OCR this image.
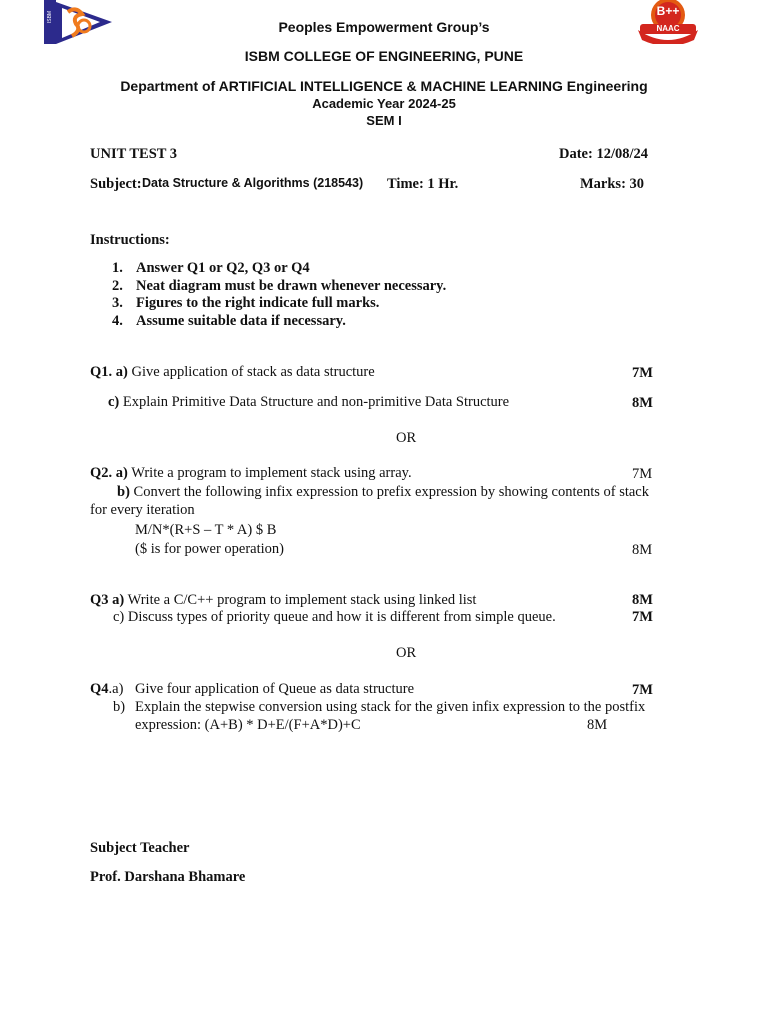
ISBM	B++
NAAC
Peoples Empowerment Group’s
ISBM COLLEGE OF ENGINEERING, PUNE
Department of ARTIFICIAL INTELLIGENCE & MACHINE LEARNING Engineering
Academic Year 2024-25
SEM I
UNIT TEST 3	Date: 12/08/24
Subject: Data Structure & Algorithms (218543) Time: 1 Hr.	Marks: 30
Instructions:
1. Answer Q1 or Q2, Q3 or Q4
2. Neat diagram must be drawn whenever necessary.
3. Figures to the right indicate full marks.
4. Assume suitable data if necessary.
Q1. a) Give application of stack as data structure	7M
c) Explain Primitive Data Structure and non-primitive Data Structure	8M
OR
Q2. a) Write a program to implement stack using array.	7M
b) Convert the following infix expression to prefix expression by showing contents of stack
for every iteration
M/N*(R+S – T * A) $ B
($ is for power operation)	8M
Q3 a) Write a C/C++ program to implement stack using linked list	8M
c) Discuss types of priority queue and how it is different from simple queue.	7M
OR
Q4.a) Give four application of Queue as data structure	7M
b) Explain the stepwise conversion using stack for the given infix expression to the postfix
expression: (A+B) * D+E/(F+A*D)+C	8M
Subject Teacher
Prof. Darshana Bhamare
